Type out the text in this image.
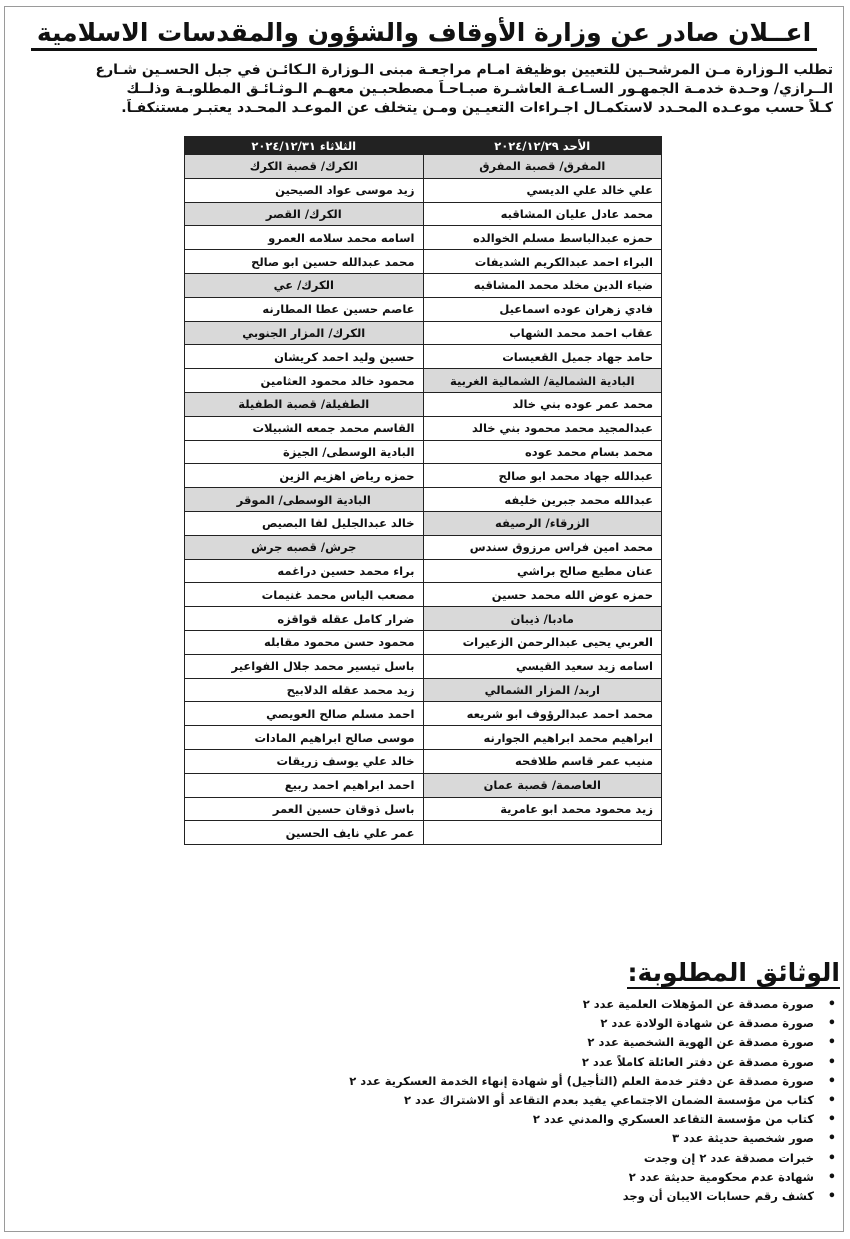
اعــلان صادر عن وزارة الأوقاف والشؤون والمقدسات الاسلامية

تطلب الـوزارة مـن المرشحـين للتعيين بوظيفة امـام مراجعـة مبنى الـوزارة الـكائـن في جبل الحسـين شـارع

الــرازي/ وحـدة خدمـة الجمهـور السـاعـة العاشـرة صبـاحـاً مصطحبـين معهـم الـوثـائـق المطلوبـة وذلــك

كـلاً حسب موعـده المحـدد لاستكمـال اجـراءات التعيـين ومـن يتخلف عن الموعـد المحـدد يعتبـر مستنكفـاً.

الأحد ٢٠٢٤/١٢/٢٩	الثلاثاء ٢٠٢٤/١٢/٣١
المفرق/ قصبة المفرق	الكرك/ قصبة الكرك
علي خالد علي الديسي	زيد موسى عواد الصيحين
محمد عادل عليان المشاقبه	الكرك/ القصر
حمزه عبدالباسط مسلم الخوالده	اسامه محمد سلامه العمرو
البراء احمد عبدالكريم الشديفات	محمد عبدالله حسين ابو صالح
ضياء الدين مخلد محمد المشاقبه	الكرك/ عي
فادي زهران عوده اسماعيل	عاصم حسين عطا المطارنه
عقاب احمد محمد الشهاب	الكرك/ المزار الجنوبي
حامد جهاد جميل القعيسات	حسين وليد احمد كريشان
البادية الشمالية/ الشمالية الغربية	محمود خالد محمود العثامين
محمد عمر عوده بني خالد	الطفيلة/ قصبة الطفيلة
عبدالمجيد محمد محمود بني خالد	القاسم محمد جمعه الشبيلات
محمد بسام محمد عوده	البادية الوسطى/ الجيزة
عبدالله جهاد محمد ابو صالح	حمزه رياض اهزيم الزين
عبدالله محمد جبرين خليفه	البادية الوسطى/ الموقر
الزرقاء/ الرصيفه	خالد عبدالجليل لفا البصيص
محمد امين فراس مرزوق سندس	جرش/ قصبه جرش
عنان مطيع صالح براشي	براء محمد حسين دراغمه
حمزه عوض الله محمد حسين	مصعب الياس محمد غنيمات
مادبا/ ذيبان	ضرار كامل عقله قواقزه
العربي يحيى عبدالرحمن الزعيرات	محمود حسن محمود مقابله
اسامه زيد سعيد القيسي	باسل تيسير محمد جلال الفواعير
اربد/ المزار الشمالي	زيد محمد عقله الدلابيح
محمد احمد عبدالرؤوف ابو شريعه	احمد مسلم صالح العويصي
ابراهيم محمد ابراهيم الجوارنه	موسى صالح ابراهيم المادات
منيب عمر قاسم طلافحه	خالد علي يوسف زريقات
العاصمة/ قصبة عمان	احمد ابراهيم احمد ربيع
زيد محمود محمد ابو عامرية	باسل ذوقان حسين العمر
	عمر علي نايف الحسين
الوثائق المطلوبة:
•
صورة مصدقة عن المؤهلات العلمية عدد ٢
•
صورة مصدقة عن شهادة الولادة عدد ٢
•
صورة مصدقة عن الهوية الشخصية عدد ٢
•
صورة مصدقة عن دفتر العائلة كاملاً عدد ٢
•
صورة مصدقة عن دفتر خدمة العلم (التأجيل) أو شهادة إنهاء الخدمة العسكرية عدد ٢
•
كتاب من مؤسسة الضمان الاجتماعي يفيد بعدم التقاعد أو الاشتراك عدد ٢
•
كتاب من مؤسسة التقاعد العسكري والمدني عدد ٢
•
صور شخصية حديثة عدد ٣
•
خبرات مصدقة عدد ٢ إن وجدت
•
شهادة عدم محكومية حديثة عدد ٢
•
كشف رقم حسابات الايبان أن وجد
